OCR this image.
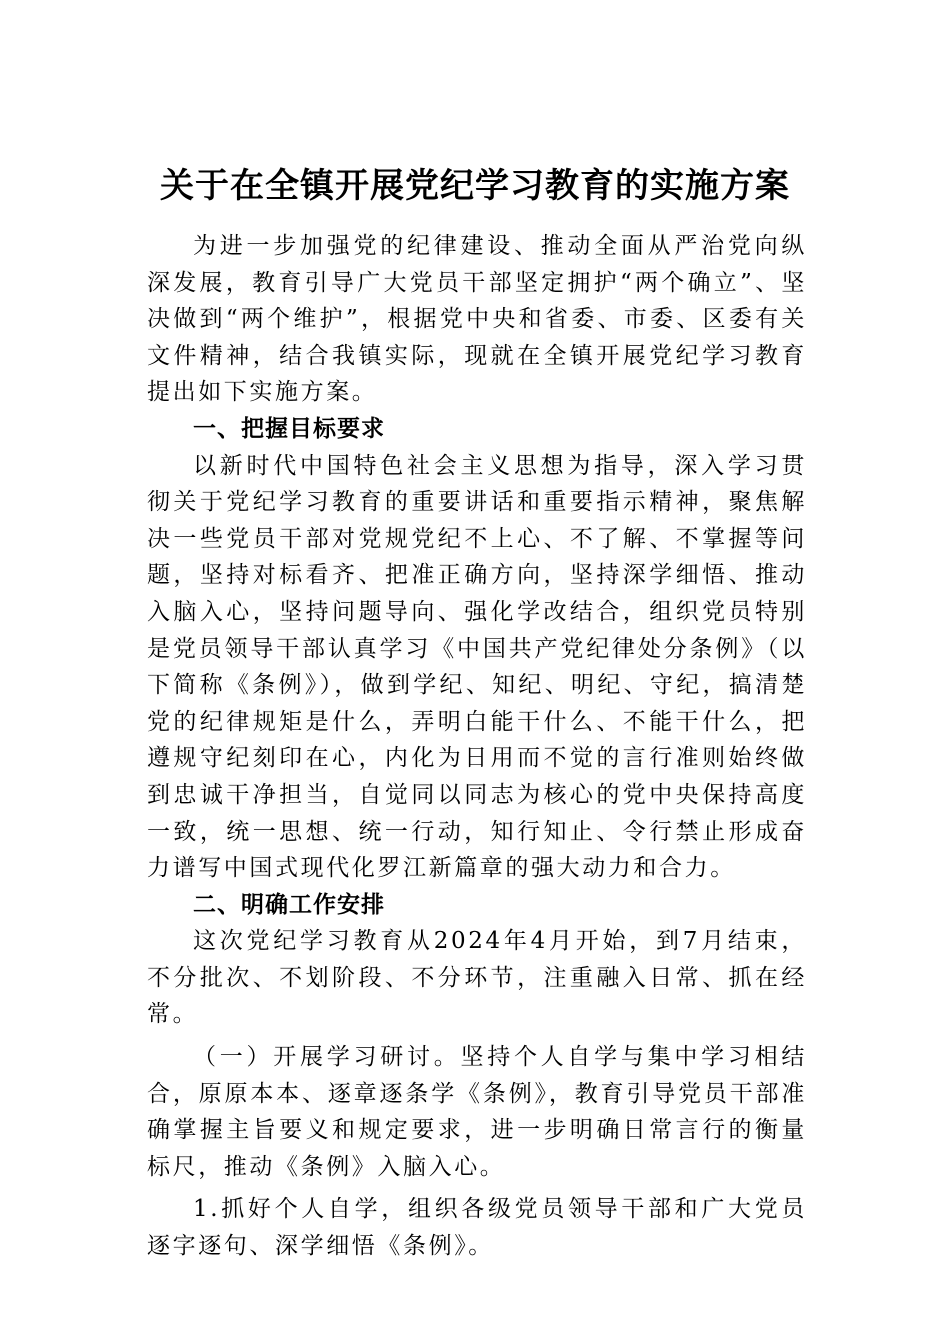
关于在全镇开展党纪学习教育的实施方案

为进一步加强党的纪律建设、推动全面从严治党向纵深发展，教育引导广大党员干部坚定拥护“两个确立”、坚决做到“两个维护”，根据党中央和省委、市委、区委有关文件精神，结合我镇实际，现就在全镇开展党纪学习教育提出如下实施方案。

一、把握目标要求

以新时代中国特色社会主义思想为指导，深入学习贯彻关于党纪学习教育的重要讲话和重要指示精神，聚焦解决一些党员干部对党规党纪不上心、不了解、不掌握等问题，坚持对标看齐、把准正确方向，坚持深学细悟、推动入脑入心，坚持问题导向、强化学改结合，组织党员特别是党员领导干部认真学习《中国共产党纪律处分条例》（以下简称《条例》），做到学纪、知纪、明纪、守纪，搞清楚党的纪律规矩是什么，弄明白能干什么、不能干什么，把遵规守纪刻印在心，内化为日用而不觉的言行准则始终做到忠诚干净担当，自觉同以同志为核心的党中央保持高度一致，统一思想、统一行动，知行知止、令行禁止形成奋力谱写中国式现代化罗江新篇章的强大动力和合力。

二、明确工作安排

这次党纪学习教育从2024年4月开始，到7月结束，不分批次、不划阶段、不分环节，注重融入日常、抓在经常。

（一）开展学习研讨。坚持个人自学与集中学习相结合，原原本本、逐章逐条学《条例》，教育引导党员干部准确掌握主旨要义和规定要求，进一步明确日常言行的衡量标尺，推动《条例》入脑入心。

1.抓好个人自学，组织各级党员领导干部和广大党员逐字逐句、深学细悟《条例》。
